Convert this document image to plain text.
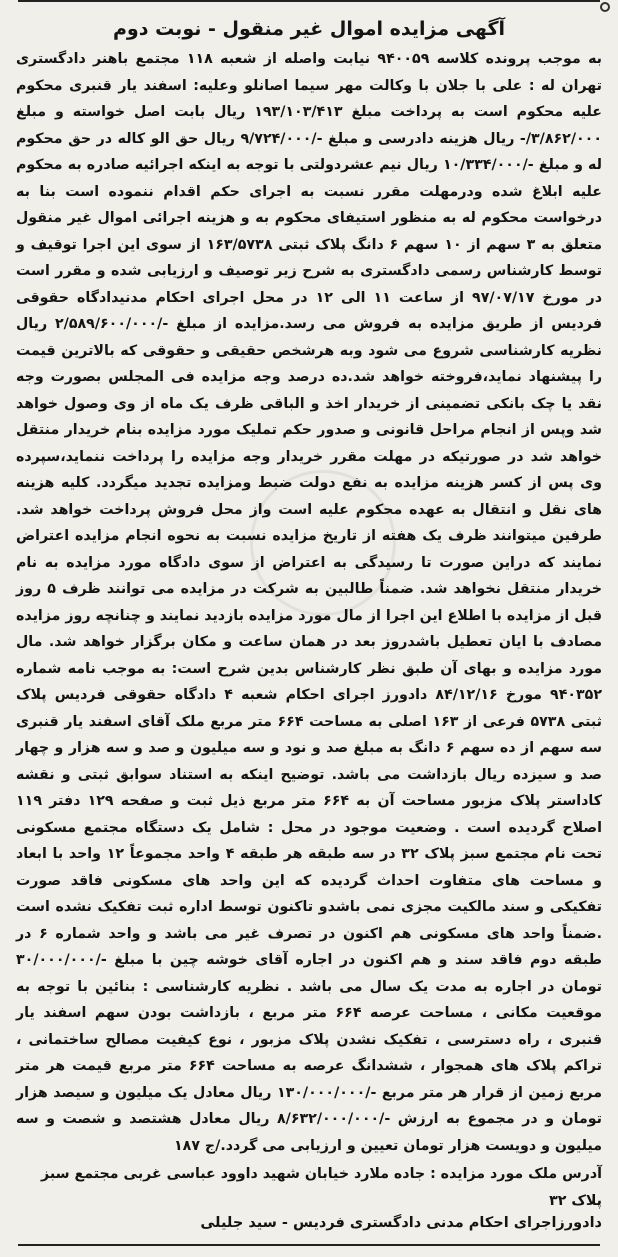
آگهی مزایده اموال غیر منقول - نوبت دوم

به موجب پرونده کلاسه ۹۴۰۰۵۹ نیابت واصله از شعبه ۱۱۸ مجتمع باهنر دادگستری تهران له : علی با جلان با وکالت مهر سیما اصانلو وعلیه: اسفند یار قنبری محکوم علیه محکوم است به پرداخت مبلغ ۱۹۳/۱۰۳/۴۱۳ ریال بابت اصل خواسته و مبلغ ۳/۸۶۲/۰۰۰/- ریال هزینه دادرسی و مبلغ -/۹/۷۲۴/۰۰۰ ریال حق الو کاله در حق محکوم له و مبلغ -/۱۰/۳۳۴/۰۰۰ ریال نیم عشردولتی با توجه به اینکه اجرائیه صادره به محکوم علیه ابلاغ شده ودرمهلت مقرر نسبت به اجرای حکم اقدام ننموده است بنا به درخواست محکوم له به منظور استیفای محکوم به و هزینه اجرائی اموال غیر منقول متعلق به ۳ سهم از ۱۰ سهم ۶ دانگ پلاک ثبتی ۱۶۳/۵۷۳۸ از سوی این اجرا توقیف و توسط کارشناس رسمی دادگستری به شرح زیر توصیف و ارزیابی شده و مقرر است در مورخ ۹۷/۰۷/۱۷ از ساعت ۱۱ الی ۱۲ در محل اجرای احکام مدنیدادگاه حقوقی فردیس از طریق مزایده به فروش می رسد.مزایده از مبلغ -/۲/۵۸۹/۶۰۰/۰۰۰ ریال نظریه کارشناسی شروع می شود وبه هرشخص حقیقی و حقوقی که بالاترین قیمت را پیشنهاد نماید،فروخته خواهد شد.ده درصد وجه مزایده فی المجلس بصورت وجه نقد یا چک بانکی تضمینی از خریدار اخذ و الباقی ظرف یک ماه از وی وصول خواهد شد وپس از انجام مراحل قانونی و صدور حکم تملیک مورد مزایده بنام خریدار منتقل خواهد شد در صورتیکه در مهلت مقرر خریدار وجه مزایده را پرداخت ننماید،سپرده وی پس از کسر هزینه مزایده به نفع دولت ضبط ومزایده تجدید میگردد. کلیه هزینه های نقل و انتقال به عهده محکوم علیه است واز محل فروش پرداخت خواهد شد. طرفین میتوانند ظرف یک هفته از تاریخ مزایده نسبت به نحوه انجام مزایده اعتراض نمایند که دراین صورت تا رسیدگی به اعتراض از سوی دادگاه مورد مزایده به نام خریدار منتقل نخواهد شد. ضمناً طالبین به شرکت در مزایده می توانند ظرف ۵ روز قبل از مزایده با اطلاع این اجرا از مال مورد مزایده بازدید نمایند و چنانچه روز مزایده مصادف با ایان تعطیل باشدروز بعد در همان ساعت و مکان برگزار خواهد شد. مال مورد مزایده و بهای آن طبق نظر کارشناس بدین شرح است: به موجب نامه شماره ۹۴۰۳۵۲ مورخ ۸۴/۱۲/۱۶ دادورز اجرای احکام شعبه ۴ دادگاه حقوقی فردیس پلاک ثبتی ۵۷۳۸ فرعی از ۱۶۳ اصلی به مساحت ۶۶۴ متر مربع ملک آقای اسفند یار قنبری سه سهم از ده سهم ۶ دانگ به مبلغ صد و نود و سه میلیون و صد و سه هزار و چهار صد و سیزده ریال بازداشت می باشد. توضیح اینکه به استناد سوابق ثبتی و نقشه کاداستر پلاک مزبور مساحت آن به ۶۶۴ متر مربع ذیل ثبت و صفحه ۱۲۹ دفتر ۱۱۹ اصلاح گردیده است . وضعیت موجود در محل : شامل یک دستگاه مجتمع مسکونی تحت نام مجتمع سبز پلاک ۳۲ در سه طبقه هر طبقه ۴ واحد مجموعاً ۱۲ واحد با ابعاد و مساحت های متفاوت احداث گردیده که این واحد های مسکونی فاقد صورت تفکیکی و سند مالکیت مجزی نمی باشدو تاکنون توسط اداره ثبت تفکیک نشده است .ضمناً واحد های مسکونی هم اکنون در تصرف غیر می باشد و واحد شماره ۶ در طبقه دوم فاقد سند و هم اکنون در اجاره آقای خوشه چین با مبلغ -/۳۰/۰۰۰/۰۰۰ تومان در اجاره به مدت یک سال می باشد . نظریه کارشناسی : بنائین با توجه به موقعیت مکانی ، مساحت عرصه ۶۶۴ متر مربع ، بازداشت بودن سهم اسفند یار قنبری ، راه دسترسی ، تفکیک نشدن پلاک مزبور ، نوع کیفیت مصالح ساختمانی ، تراکم پلاک های همجوار ، ششدانگ عرصه به مساحت ۶۶۴ متر مربع قیمت هر متر مربع زمین از قرار هر متر مربع -/۱۳۰/۰۰۰/۰۰۰ ریال معادل یک میلیون و سیصد هزار تومان و در مجموع به ارزش -/۸/۶۳۲/۰۰۰/۰۰۰ ریال معادل هشتصد و شصت و سه میلیون و دویست هزار تومان تعیین و ارزیابی می گردد./ج ۱۸۷

آدرس ملک مورد مزایده : جاده ملارد خیابان شهید داوود عباسی غربی مجتمع سبز پلاک ۳۲

دادورزاجرای احکام مدنی دادگستری فردیس - سید جلیلی
